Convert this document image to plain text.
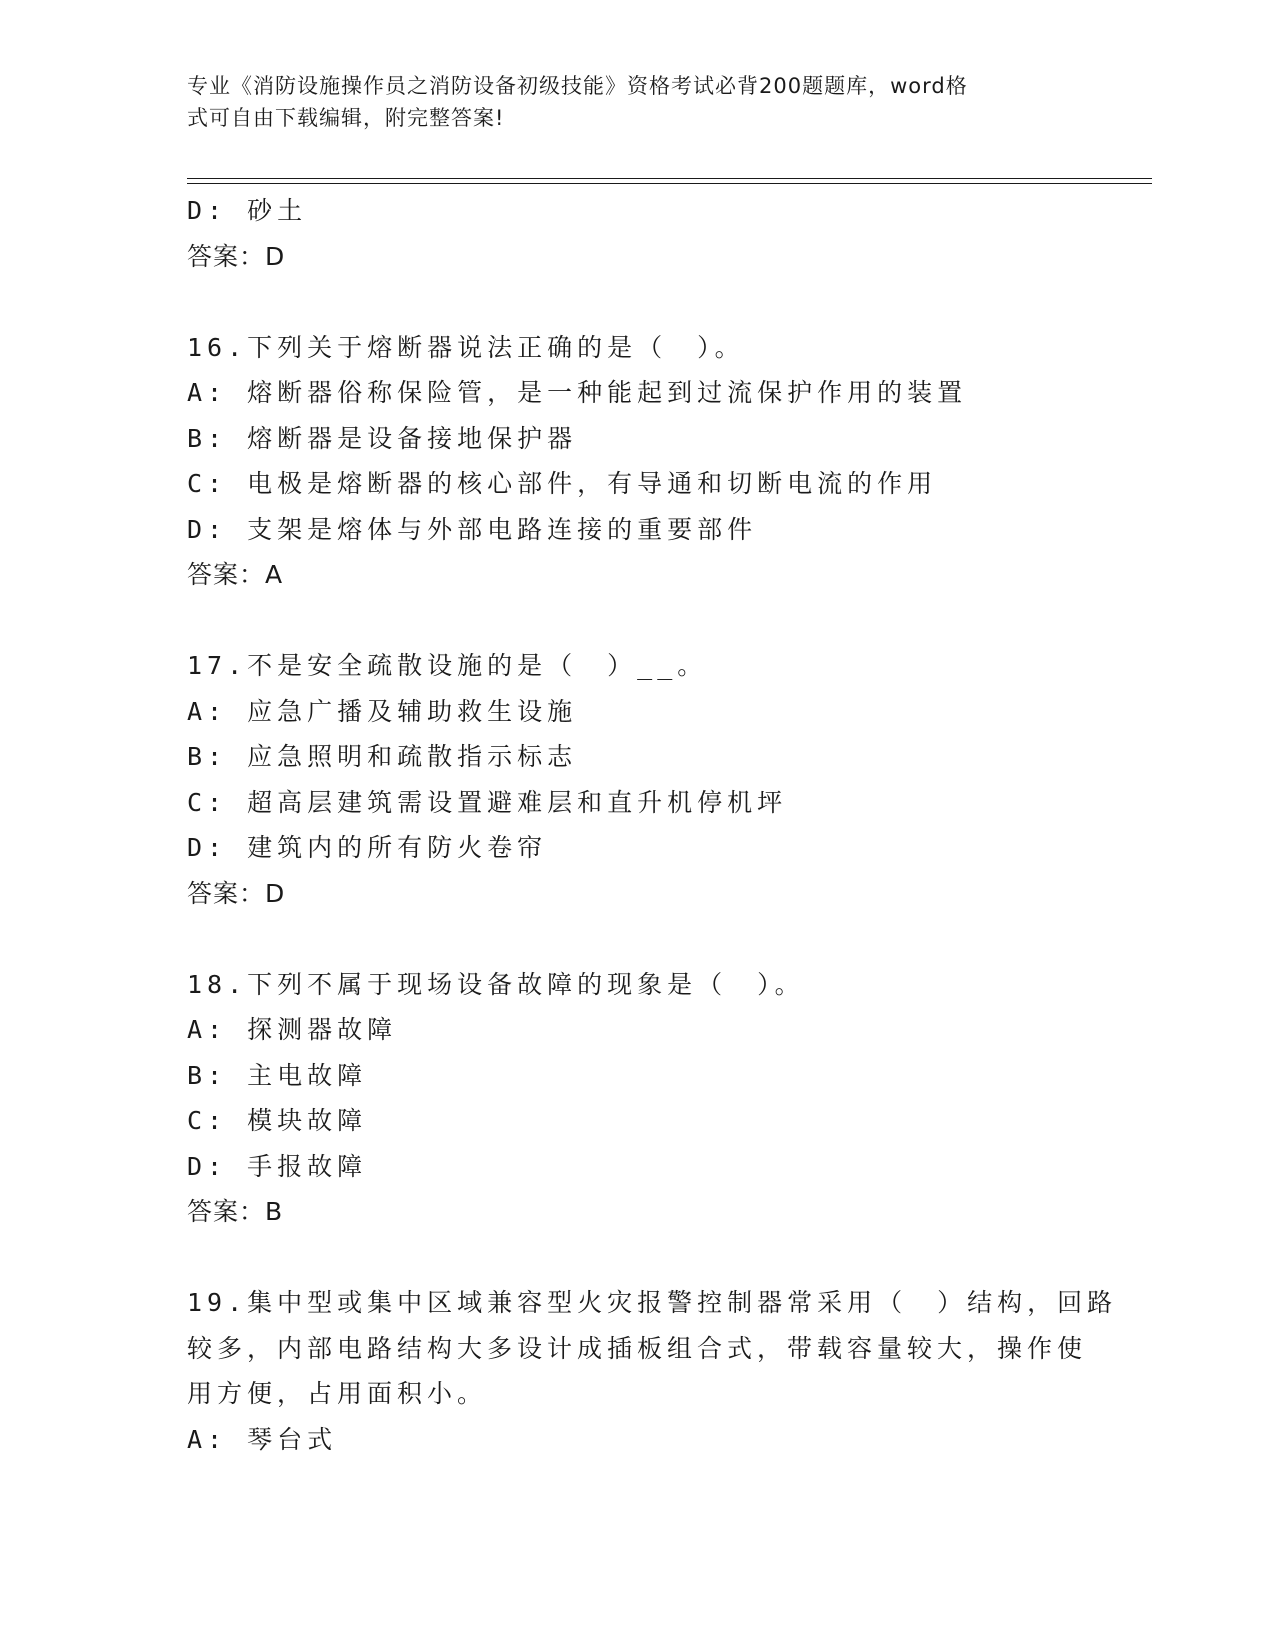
专业《消防设施操作员之消防设备初级技能》资格考试必背200题题库，word格
式可自由下载编辑，附完整答案!
D: 砂土
答案：D
16.下列关于熔断器说法正确的是（　）。
A: 熔断器俗称保险管，是一种能起到过流保护作用的装置
B: 熔断器是设备接地保护器
C: 电极是熔断器的核心部件，有导通和切断电流的作用
D: 支架是熔体与外部电路连接的重要部件
答案：A
17.不是安全疏散设施的是（　）__。
A: 应急广播及辅助救生设施
B: 应急照明和疏散指示标志
C: 超高层建筑需设置避难层和直升机停机坪
D: 建筑内的所有防火卷帘
答案：D
18.下列不属于现场设备故障的现象是（　）。
A: 探测器故障
B: 主电故障
C: 模块故障
D: 手报故障
答案：B
19.集中型或集中区域兼容型火灾报警控制器常采用（　）结构，回路
较多，内部电路结构大多设计成插板组合式，带载容量较大，操作使
用方便，占用面积小。
A: 琴台式
